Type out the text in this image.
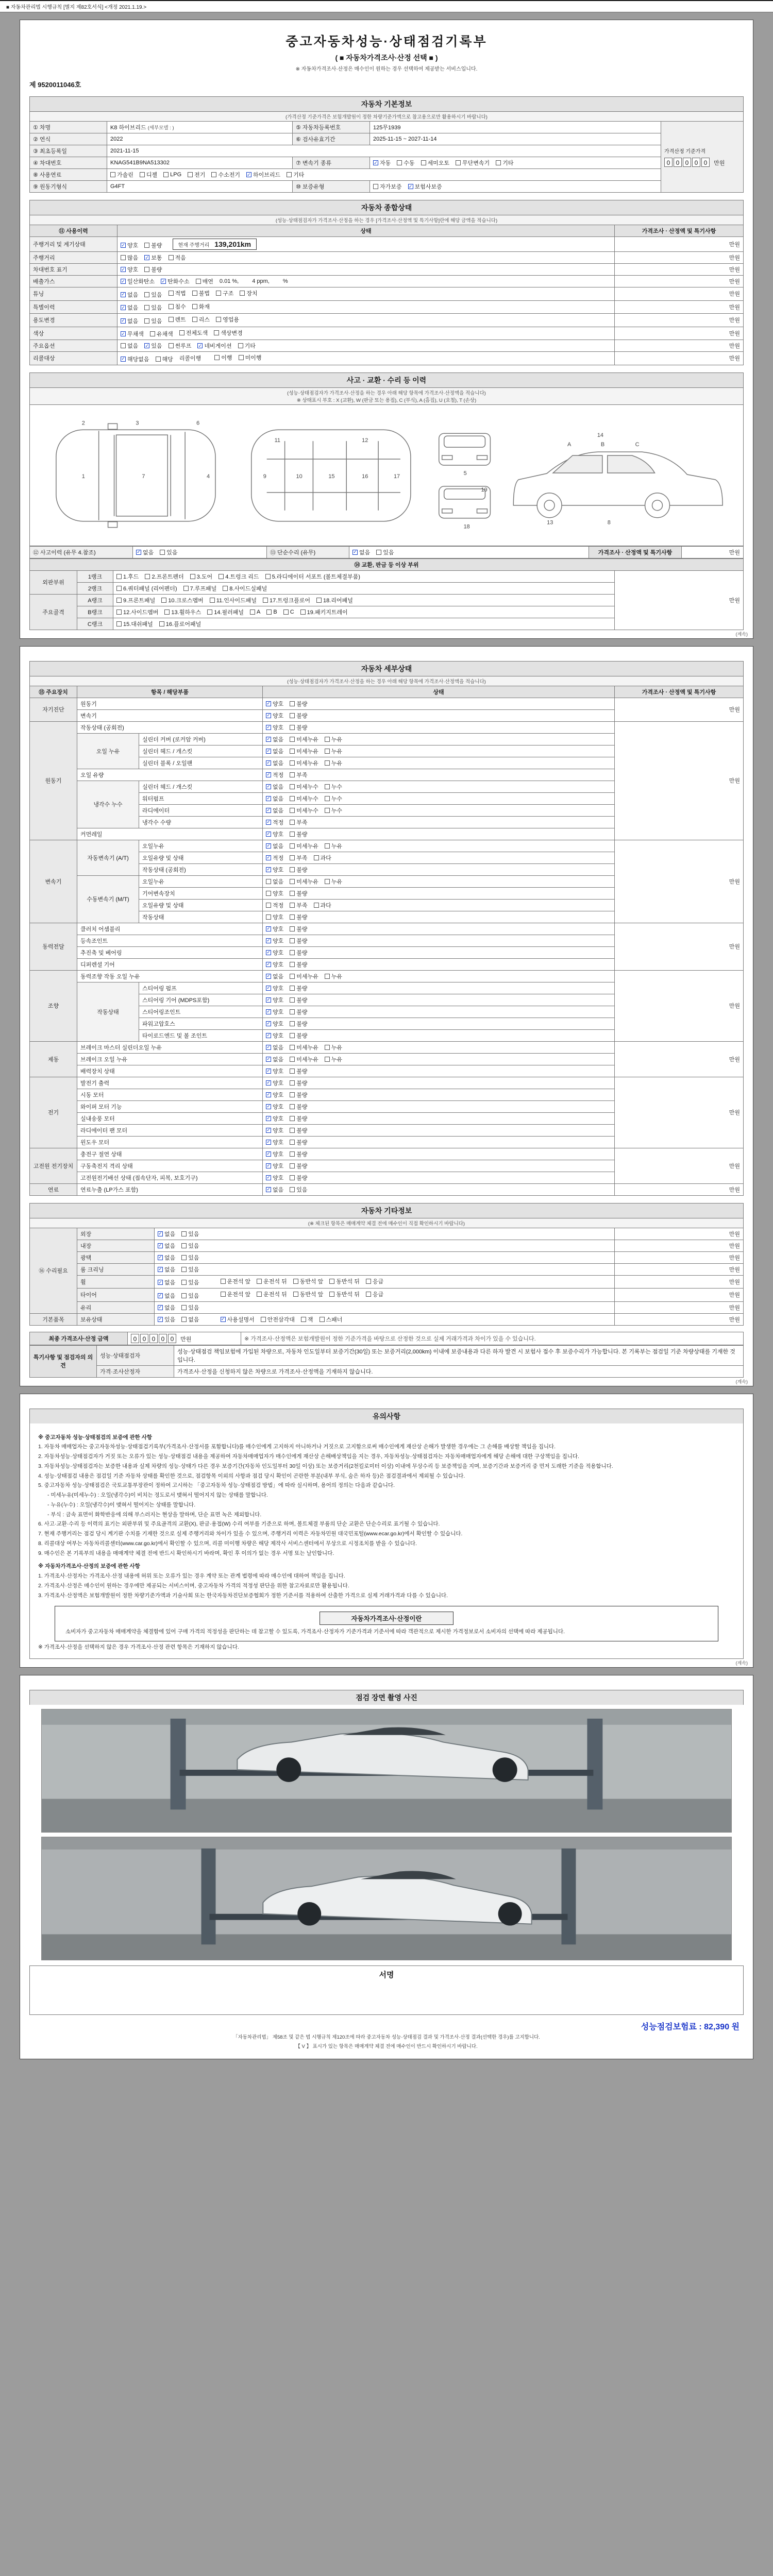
■ 자동차관리법 시행규칙 [별지 제82호서식] <개정 2021.1.19.>
중고자동차성능·상태점검기록부
( ■ 자동차가격조사·산정 선택 ■ )
※ 자동차가격조사·산정은 매수인이 원하는 경우 선택하여 제공받는 서비스입니다.
제 9520011046호
자동차 기본정보
(가격산정 기준가격은 보험개발원이 정한 차량기준가액으로 참고용으로만 활용하시기 바랍니다)
① 차명	K8 하이브리드 (세부모델 : )	⑤ 자동차등록번호	125무1939	가격산정 기준가격
0 0 0 0 0 만원
② 연식	2022	⑥ 검사유효기간	2025-11-15 ~ 2027-11-14	
③ 최초등록일	2021-11-15			
④ 차대번호	KNAG541B9NA513302	⑦ 변속기 종류	✓ 자동 수동 세미오토 무단변속기 기타

⑧ 사용연료	가솔린 디젤 LPG 전기 수소전기 ✓ 하이브리드 기타

⑨ 원동기형식	G4FT	⑩ 보증유형	자가보증 ✓ 보험사보증	
자동차 종합상태
(성능·상태점검자가 가격조사·산정을 하는 경우 [가격조사·산정액 및 특기사항]란에 해당 금액을 적습니다)
⑪ 사용이력	상태	가격조사 · 산정액 및 특기사항
주행거리 및 계기상태	✓ 양호 불량 현재 주행거리 139,201km	만원
주행거리	많음 ✓ 보통 적음	만원
차대번호 표기	✓ 양호 불량	만원
배출가스	✓ 일산화탄소 ✓ 탄화수소 매연 0.01 %, 4 ppm, %	만원
튜닝	✓ 없음 있음 적법 불법 구조 장치	만원
특별이력	✓ 없음 있음 침수 화재	만원
용도변경	✓ 없음 있음 렌트 리스 영업용	만원
색상	✓ 무채색 유채색 전체도색 색상변경	만원
주요옵션	없음 ✓ 있음 썬루프 ✓ 네비게이션 기타	만원
리콜대상	✓ 해당없음 해당 리콜이행	이행 미이행	만원
사고 · 교환 · 수리 등 이력
(성능·상태점검자가 가격조사·산정을 하는 경우 아래 해당 항목에 가격조사·산정액을 적습니다)
※ 상태표시 부호 : X (교환), W (판금 또는 용접), C (부식), A (흠집), U (요철), T (손상)
2	3	6
1	7	4	9	10
11	12
15	16	17	5
18
19
14
A	B	C
13	8
⑫ 사고이력 (유무 4.참조)	✓ 없음 있음	⑬ 단순수리 (유무)	✓ 없음 있음	가격조사 · 산정액 및 특기사항	만원
⑭ 교환, 판금 등 이상 부위			
외판부위	1랭크	1.후드 2.프론트펜더 3.도어 4.트렁크 리드 5.라디에이터 서포트 (볼트체결부품)	만원
	2랭크	6.쿼터패널 (리어펜더) 7.루프패널 8.사이드실패널	

주요골격	A랭크	9.프론트패널 10.크로스멤버 11.인사이드패널 17.트렁크플로어 18.리어패널	

B랭크	12.사이드멤버 13.휠하우스 14.필러패널 A B C 19.패키지트레이

	C랭크	15.대쉬패널 16.플로어패널	
(계속)
자동차 세부상태
(성능·상태점검자가 가격조사·산정을 하는 경우 아래 해당 항목에 가격조사·산정액을 적습니다)
⑮ 주요장치	항목 / 해당부품		상태	가격조사 · 산정액 및 특기사항
자기진단	원동기		✓ 양호 불량	만원
	변속기		✓ 양호 불량	

원동기	작동상태 (공회전)		✓ 양호 불량	만원
	오일 누유	실린더 커버 (로커암 커버)	✓ 없음 미세누유 누유	

		실린더 헤드 / 개스킷	✓ 없음 미세누유 누유	

		실린더 블록 / 오일팬	✓ 없음 미세누유 누유	

	오일 유량		✓ 적정 부족	

	냉각수 누수	실린더 헤드 / 개스킷	✓ 없음 미세누수 누수	

		워터펌프	✓ 없음 미세누수 누수	

		라디에이터	✓ 없음 미세누수 누수	

		냉각수 수량	✓ 적정 부족	

	커먼레일		✓ 양호 불량	

변속기	자동변속기 (A/T)	오일누유	✓ 없음 미세누유 누유	만원
		오일유량 및 상태	✓ 적정 부족 과다	

		작동상태 (공회전)	✓ 양호 불량	

	수동변속기 (M/T)	오일누유	없음 미세누유 누유	

		기어변속장치	양호 불량	

		오일유량 및 상태	적정 부족 과다	

		작동상태	양호 불량	

동력전달	클러치 어셈블리		✓ 양호 불량	만원
	등속조인트		✓ 양호 불량	

	추진축 및 베어링		✓ 양호 불량	

	디퍼렌셜 기어		✓ 양호 불량	

조향	동력조향 작동 오일 누유		✓ 없음 미세누유 누유	만원
	작동상태	스티어링 펌프	✓ 양호 불량	

		스티어링 기어 (MDPS포함)	✓ 양호 불량	

		스티어링조인트	✓ 양호 불량	

		파워고압호스	✓ 양호 불량	

		타이로드엔드 및 볼 조인트	✓ 양호 불량	

제동	브레이크 마스터 실린더오일 누유		✓ 없음 미세누유 누유	만원
	브레이크 오일 누유		✓ 없음 미세누유 누유	

	배력장치 상태		✓ 양호 불량	

전기	발전기 출력		✓ 양호 불량	만원
	시동 모터		✓ 양호 불량	

	와이퍼 모터 기능		✓ 양호 불량	

	실내송풍 모터		✓ 양호 불량	

	라디에이터 팬 모터		✓ 양호 불량	

	윈도우 모터		✓ 양호 불량	

고전원 전기장치	충전구 절연 상태		✓ 양호 불량	만원
	구동축전지 격리 상태		✓ 양호 불량	

	고전원전기배선 상태 (접속단자, 피복, 보호기구)		✓ 양호 불량	

연료	연료누출 (LP가스 포함)		✓ 없음 있음	만원
자동차 기타정보
(※ 체크된 항목은 매매계약 체결 전에 매수인이 직접 확인하시기 바랍니다)
⑯ 수리필요	외장	✓ 없음 있음	만원
	내장	✓ 없음 있음	만원
	광택	✓ 없음 있음	만원
	룸 크리닝	✓ 없음 있음	만원
휠	✓ 없음 있음
	운전석 앞 운전석 뒤 동반석 앞 동반석 뒤 응급	만원
타이어	✓ 없음 있음
	운전석 앞 운전석 뒤 동반석 앞 동반석 뒤 응급	만원
	유리	✓ 없음 있음	만원
기본품목	보유상태	✓ 있음 없음
	✓ 사용설명서 안전삼각대 잭 스패너	만원
최종 가격조사·산정 금액	0 0 0 0 0 만원	※ 가격조사·산정액은 보험개발원이 정한 기준가격을 바탕으로 산정한 것으로 실제 거래가격과 차이가 있을 수 있습니다.
특기사항 및 점검자의 의견	성능·상태점검자	성능·상태점검 책임보험에 가입된 차량으로, 자동차 인도일부터 보증기간(30일) 또는 보증거리(2,000km) 이내에 보증내용과 다른 하자 발견 시 보험사 접수 후 보증수리가 가능합니다. 본 기록부는 점검일 기준 차량상태를 기재한 것입니다.
	가격·조사산정자	가격조사·산정을 신청하지 않은 차량으로 가격조사·산정액을 기재하지 않습니다.
(계속)
유의사항
※ 중고자동차 성능·상태점검의 보증에 관한 사항
1. 자동차 매매업자는 중고자동차성능·상태점검기록부(가격조사·산정서를 포함합니다)를 매수인에게 고지하지 아니하거나 거짓으로 고지함으로써 매수인에게 재산상 손해가 발생한 경우에는 그 손해를 배상할 책임을 집니다.
2. 자동차성능·상태점검자가 거짓 또는 오류가 있는 성능·상태점검 내용을 제공하여 자동차매매업자가 매수인에게 재산상 손해배상책임을 지는 경우, 자동차성능·상태점검자는 자동차매매업자에게 해당 손해에 대한 구상책임을 집니다.
3. 자동차성능·상태점검자는 보증한 내용과 실제 차량의 성능·상태가 다른 경우 보증기간(자동차 인도일부터 30일 이상) 또는 보증거리(2천킬로미터 이상) 이내에 무상수리 등 보증책임을 지며, 보증기간과 보증거리 중 먼저 도래한 기준을 적용합니다.
4. 성능·상태점검 내용은 점검일 기준 자동차 상태를 확인한 것으로, 점검항목 이외의 사항과 점검 당시 확인이 곤란한 부분(내부 부식, 숨은 하자 등)은 점검결과에서 제외될 수 있습니다.
5. 중고자동차 성능·상태점검은 국토교통부장관이 정하여 고시하는 「중고자동차 성능·상태점검 방법」에 따라 실시하며, 용어의 정의는 다음과 같습니다.
- 미세누유(미세누수) : 오일(냉각수)이 비치는 정도로서 맺혀서 떨어지지 않는 상태를 말합니다.
- 누유(누수) : 오일(냉각수)이 맺혀서 떨어지는 상태를 말합니다.
- 부식 : 금속 표면이 화학반응에 의해 부스러지는 현상을 말하며, 단순 표면 녹은 제외합니다.
6. 사고·교환·수리 등 이력의 표기는 외판부위 및 주요골격의 교환(X), 판금·용접(W) 수리 여부를 기준으로 하며, 볼트체결 부품의 단순 교환은 단순수리로 표기될 수 있습니다.
7. 현재 주행거리는 점검 당시 계기판 수치를 기재한 것으로 실제 주행거리와 차이가 있을 수 있으며, 주행거리 이력은 자동차민원 대국민포털(www.ecar.go.kr)에서 확인할 수 있습니다.
8. 리콜대상 여부는 자동차리콜센터(www.car.go.kr)에서 확인할 수 있으며, 리콜 미이행 차량은 해당 제작사 서비스센터에서 무상으로 시정조치를 받을 수 있습니다.
9. 매수인은 본 기록부의 내용을 매매계약 체결 전에 반드시 확인하시기 바라며, 확인 후 이의가 없는 경우 서명 또는 날인합니다.
※ 자동차가격조사·산정의 보증에 관한 사항
1. 가격조사·산정자는 가격조사·산정 내용에 허위 또는 오류가 있는 경우 계약 또는 관계 법령에 따라 매수인에 대하여 책임을 집니다.
2. 가격조사·산정은 매수인이 원하는 경우에만 제공되는 서비스이며, 중고자동차 가격의 적정성 판단을 위한 참고자료로만 활용됩니다.
3. 가격조사·산정액은 보험개발원이 정한 차량기준가액과 기술사회 또는 한국자동차진단보증협회가 정한 기준서를 적용하여 산출한 가격으로 실제 거래가격과 다를 수 있습니다.
자동차가격조사·산정이란
소비자가 중고자동차 매매계약을 체결함에 있어 구매 가격의 적정성을 판단하는 데 참고할 수 있도록, 가격조사·산정자가 기준가격과 기준서에 따라 객관적으로 제시한 가격정보로서 소비자의 선택에 따라 제공됩니다.
※ 가격조사·산정을 선택하지 않은 경우 가격조사·산정 관련 항목은 기재하지 않습니다.
(계속)
점검 장면 촬영 사진
서명
성능점검보험료 : 82,390 원
「자동차관리법」 제58조 및 같은 법 시행규칙 제120조에 따라 중고자동차 성능·상태점검 결과 및 가격조사·산정 결과(선택한 경우)를 고지합니다.
【 V 】 표시가 있는 항목은 매매계약 체결 전에 매수인이 반드시 확인하시기 바랍니다.
